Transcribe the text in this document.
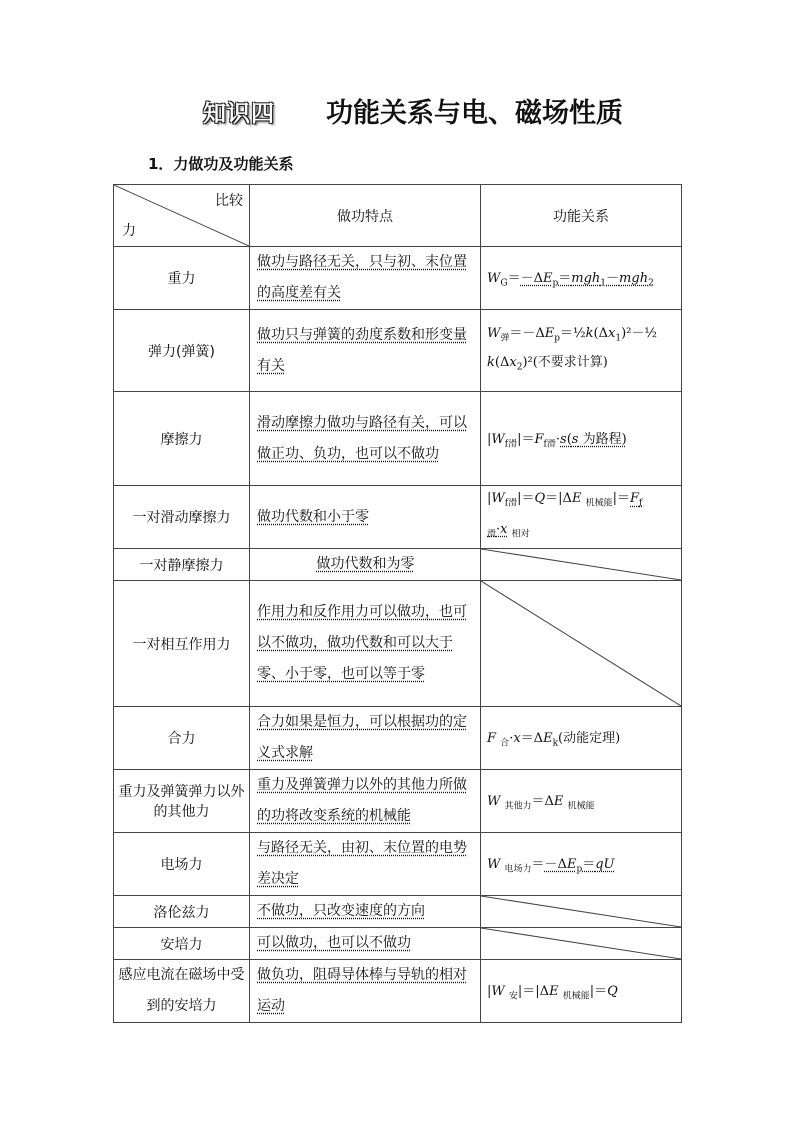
知识四	功能关系与电、磁场性质
1．力做功及功能关系
比较
力	做功特点	功能关系
重力	做功与路径无关，只与初、末位置的高度差有关	$W_G=-\Delta E_p=mgh_1-mgh_2$
弹力(弹簧)	做功只与弹簧的劲度系数和形变量有关	$W_弹=-\Delta E_p=\frac{1}{2}k(\Delta x_1)^2-\frac{1}{2}$
$k(\Delta x_2)^2$(不要求计算)
摩擦力	滑动摩擦力做功与路径有关，可以做正功、负功，也可以不做功	$|W_{f滑}|=F_{f滑}\cdot s(s$ 为路程)
一对滑动摩擦力	做功代数和小于零	$|W_{f滑}|=Q=|\Delta E$ $_{机械能}|=F_f$
$_滑$·x $_{相对}$
一对静摩擦力	做功代数和为零	

一对相互作用力	作用力和反作用力可以做功，也可以不做功，做功代数和可以大于零、小于零，也可以等于零	

合力	合力如果是恒力，可以根据功的定义式求解	F $_合\cdot x=\Delta E_k$(动能定理)
重力及弹簧弹力以外的其他力	重力及弹簧弹力以外的其他力所做的功将改变系统的机械能	W $_{其他力}$＝ΔE $_{机械能}$
电场力	与路径无关，由初、末位置的电势差决定	W $_{电场力}=-\Delta E_p=qU$
洛伦兹力	不做功，只改变速度的方向	

安培力	可以做功，也可以不做功	

感应电流在磁场中受到的安培力	做负功，阻碍导体棒与导轨的相对运动	|W $_安$|＝|ΔE $_{机械能}$|＝Q
